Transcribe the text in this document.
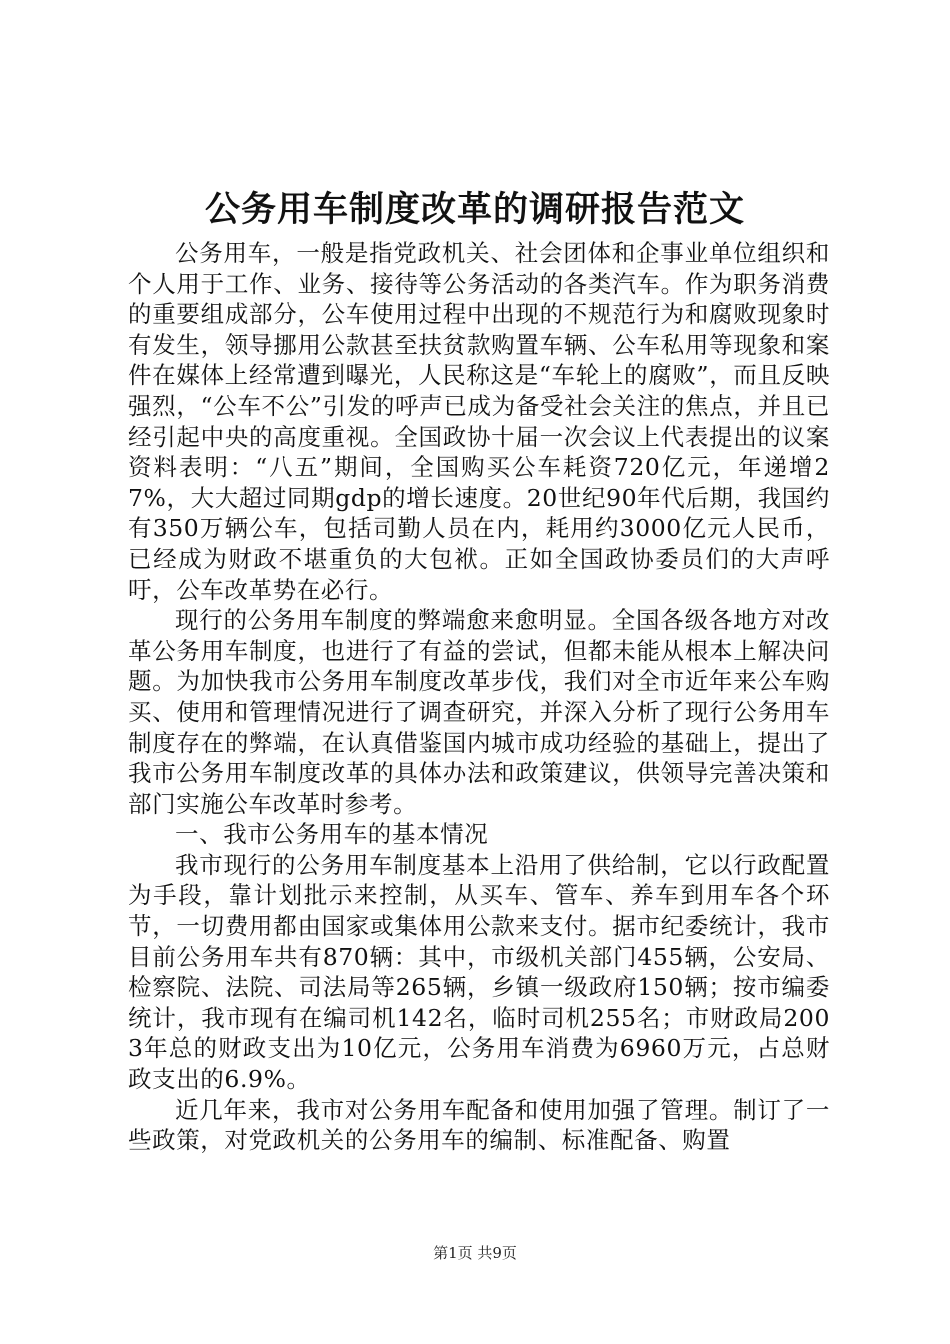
公务用车制度改革的调研报告范文

公务用车，一般是指党政机关、社会团体和企事业单位组织和个人用于工作、业务、接待等公务活动的各类汽车。作为职务消费的重要组成部分，公车使用过程中出现的不规范行为和腐败现象时有发生，领导挪用公款甚至扶贫款购置车辆、公车私用等现象和案件在媒体上经常遭到曝光，人民称这是“车轮上的腐败”，而且反映强烈，“公车不公”引发的呼声已成为备受社会关注的焦点，并且已经引起中央的高度重视。全国政协十届一次会议上代表提出的议案资料表明：“八五”期间，全国购买公车耗资720亿元，年递增27%，大大超过同期gdp的增长速度。20世纪90年代后期，我国约有350万辆公车，包括司勤人员在内，耗用约3000亿元人民币，已经成为财政不堪重负的大包袱。正如全国政协委员们的大声呼吁，公车改革势在必行。

现行的公务用车制度的弊端愈来愈明显。全国各级各地方对改革公务用车制度，也进行了有益的尝试，但都未能从根本上解决问题。为加快我市公务用车制度改革步伐，我们对全市近年来公车购买、使用和管理情况进行了调查研究，并深入分析了现行公务用车制度存在的弊端，在认真借鉴国内城市成功经验的基础上，提出了我市公务用车制度改革的具体办法和政策建议，供领导完善决策和部门实施公车改革时参考。

一、我市公务用车的基本情况

我市现行的公务用车制度基本上沿用了供给制，它以行政配置为手段，靠计划批示来控制，从买车、管车、养车到用车各个环节，一切费用都由国家或集体用公款来支付。据市纪委统计，我市目前公务用车共有870辆：其中，市级机关部门455辆，公安局、检察院、法院、司法局等265辆，乡镇一级政府150辆；按市编委统计，我市现有在编司机142名，临时司机255名；市财政局2003年总的财政支出为10亿元，公务用车消费为6960万元，占总财政支出的6.9%。

近几年来，我市对公务用车配备和使用加强了管理。制订了一些政策，对党政机关的公务用车的编制、标准配备、购置

第1页 共9页
